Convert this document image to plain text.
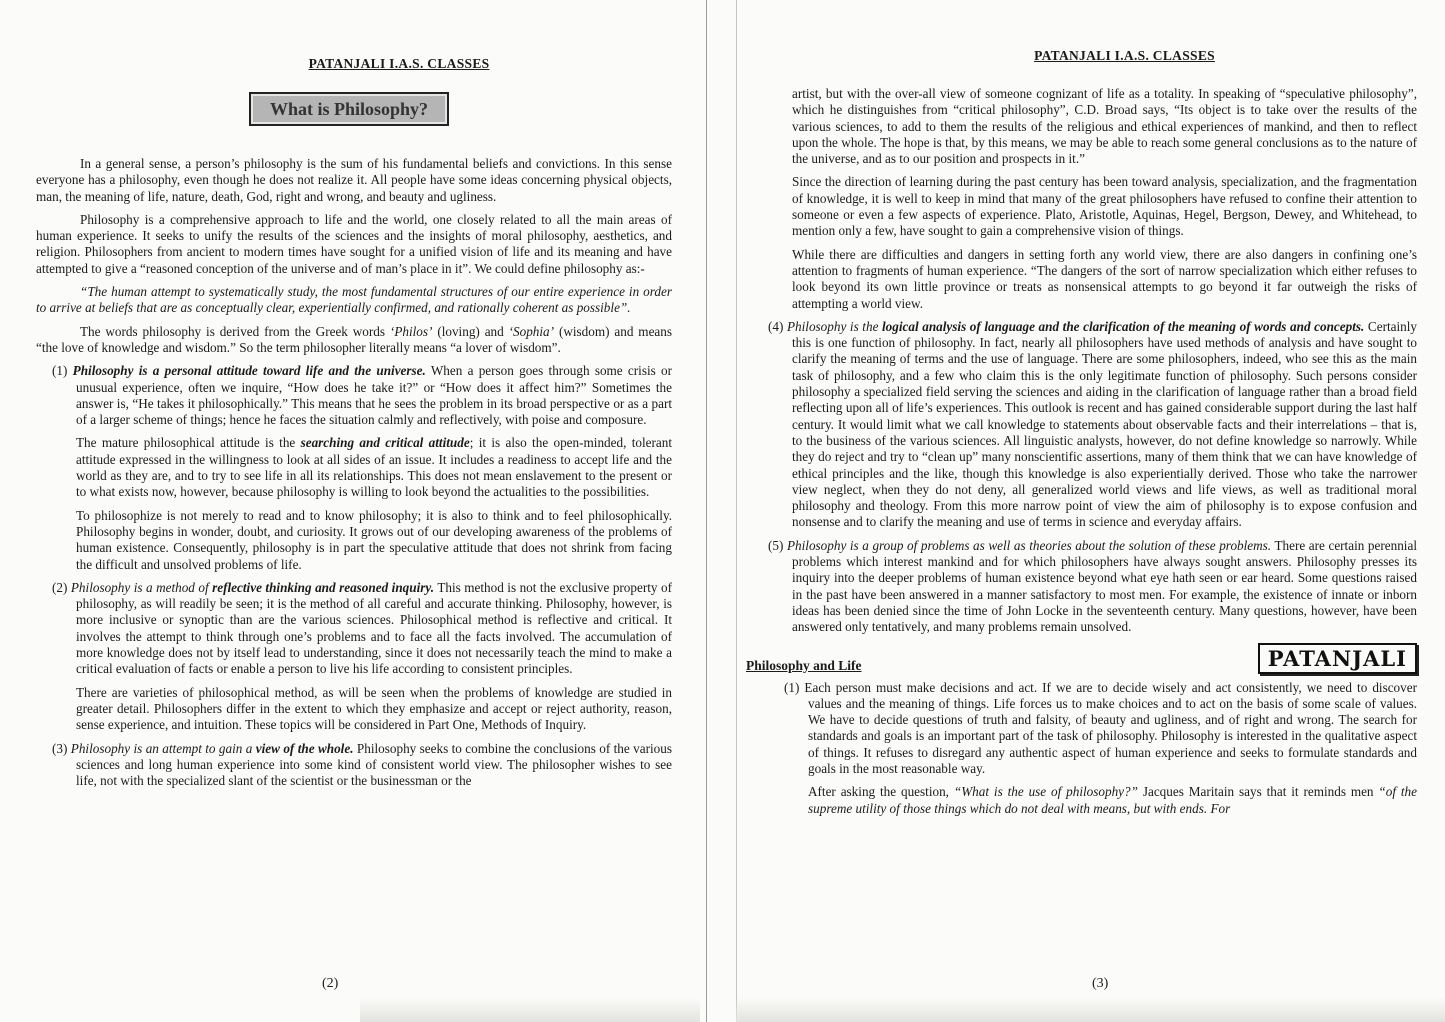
PATANJALI I.A.S. CLASSES
What is Philosophy?

In a general sense, a person’s philosophy is the sum of his fundamental beliefs and convictions. In this sense everyone has a philosophy, even though he does not realize it. All people have some ideas concerning physical objects, man, the meaning of life, nature, death, God, right and wrong, and beauty and ugliness.

Philosophy is a comprehensive approach to life and the world, one closely related to all the main areas of human experience. It seeks to unify the results of the sciences and the insights of moral philosophy, aesthetics, and religion. Philosophers from ancient to modern times have sought for a unified vision of life and its meaning and have attempted to give a “reasoned conception of the universe and of man’s place in it”. We could define philosophy as:-

“The human attempt to systematically study, the most fundamental structures of our entire experience in order to arrive at beliefs that are as conceptually clear, experientially confirmed, and rationally coherent as possible”.

The words philosophy is derived from the Greek words ‘Philos’ (loving) and ‘Sophia’ (wisdom) and means “the love of knowledge and wisdom.” So the term philosopher literally means “a lover of wisdom”.

(1) Philosophy is a personal attitude toward life and the universe. When a person goes through some crisis or unusual experience, often we inquire, “How does he take it?” or “How does it affect him?” Sometimes the answer is, “He takes it philosophically.” This means that he sees the problem in its broad perspective or as a part of a larger scheme of things; hence he faces the situation calmly and reflectively, with poise and composure.

The mature philosophical attitude is the searching and critical attitude; it is also the open-minded, tolerant attitude expressed in the willingness to look at all sides of an issue. It includes a readiness to accept life and the world as they are, and to try to see life in all its relationships. This does not mean enslavement to the present or to what exists now, however, because philosophy is willing to look beyond the actualities to the possibilities.

To philosophize is not merely to read and to know philosophy; it is also to think and to feel philosophically. Philosophy begins in wonder, doubt, and curiosity. It grows out of our developing awareness of the problems of human existence. Consequently, philosophy is in part the speculative attitude that does not shrink from facing the difficult and unsolved problems of life.

(2) Philosophy is a method of reflective thinking and reasoned inquiry. This method is not the exclusive property of philosophy, as will readily be seen; it is the method of all careful and accurate thinking. Philosophy, however, is more inclusive or synoptic than are the various sciences. Philosophical method is reflective and critical. It involves the attempt to think through one’s problems and to face all the facts involved. The accumulation of more knowledge does not by itself lead to understanding, since it does not necessarily teach the mind to make a critical evaluation of facts or enable a person to live his life according to consistent principles.

There are varieties of philosophical method, as will be seen when the problems of knowledge are studied in greater detail. Philosophers differ in the extent to which they emphasize and accept or reject authority, reason, sense experience, and intuition. These topics will be considered in Part One, Methods of Inquiry.

(3) Philosophy is an attempt to gain a view of the whole. Philosophy seeks to combine the conclusions of the various sciences and long human experience into some kind of consistent world view. The philosopher wishes to see life, not with the specialized slant of the scientist or the businessman or the

(2)
PATANJALI I.A.S. CLASSES

artist, but with the over-all view of someone cognizant of life as a totality. In speaking of “speculative philosophy”, which he distinguishes from “critical philosophy”, C.D. Broad says, “Its object is to take over the results of the various sciences, to add to them the results of the religious and ethical experiences of mankind, and then to reflect upon the whole. The hope is that, by this means, we may be able to reach some general conclusions as to the nature of the universe, and as to our position and prospects in it.”

Since the direction of learning during the past century has been toward analysis, specialization, and the fragmentation of knowledge, it is well to keep in mind that many of the great philosophers have refused to confine their attention to someone or even a few aspects of experience. Plato, Aristotle, Aquinas, Hegel, Bergson, Dewey, and Whitehead, to mention only a few, have sought to gain a comprehensive vision of things.

While there are difficulties and dangers in setting forth any world view, there are also dangers in confining one’s attention to fragments of human experience. “The dangers of the sort of narrow specialization which either refuses to look beyond its own little province or treats as nonsensical attempts to go beyond it far outweigh the risks of attempting a world view.

(4) Philosophy is the logical analysis of language and the clarification of the meaning of words and concepts. Certainly this is one function of philosophy. In fact, nearly all philosophers have used methods of analysis and have sought to clarify the meaning of terms and the use of language. There are some philosophers, indeed, who see this as the main task of philosophy, and a few who claim this is the only legitimate function of philosophy. Such persons consider philosophy a specialized field serving the sciences and aiding in the clarification of language rather than a broad field reflecting upon all of life’s experiences. This outlook is recent and has gained considerable support during the last half century. It would limit what we call knowledge to statements about observable facts and their interrelations – that is, to the business of the various sciences. All linguistic analysts, however, do not define knowledge so narrowly. While they do reject and try to “clean up” many nonscientific assertions, many of them think that we can have knowledge of ethical principles and the like, though this knowledge is also experientially derived. Those who take the narrower view neglect, when they do not deny, all generalized world views and life views, as well as traditional moral philosophy and theology. From this more narrow point of view the aim of philosophy is to expose confusion and nonsense and to clarify the meaning and use of terms in science and everyday affairs.

(5) Philosophy is a group of problems as well as theories about the solution of these problems. There are certain perennial problems which interest mankind and for which philosophers have always sought answers. Philosophy presses its inquiry into the deeper problems of human existence beyond what eye hath seen or ear heard. Some questions raised in the past have been answered in a manner satisfactory to most men. For example, the existence of innate or inborn ideas has been denied since the time of John Locke in the seventeenth century. Many questions, however, have been answered only tentatively, and many problems remain unsolved.

Philosophy and Life	PATANJALI

(1) Each person must make decisions and act. If we are to decide wisely and act consistently, we need to discover values and the meaning of things. Life forces us to make choices and to act on the basis of some scale of values. We have to decide questions of truth and falsity, of beauty and ugliness, and of right and wrong. The search for standards and goals is an important part of the task of philosophy. Philosophy is interested in the qualitative aspect of things. It refuses to disregard any authentic aspect of human experience and seeks to formulate standards and goals in the most reasonable way.

After asking the question, “What is the use of philosophy?” Jacques Maritain says that it reminds men “of the supreme utility of those things which do not deal with means, but with ends. For

(3)
